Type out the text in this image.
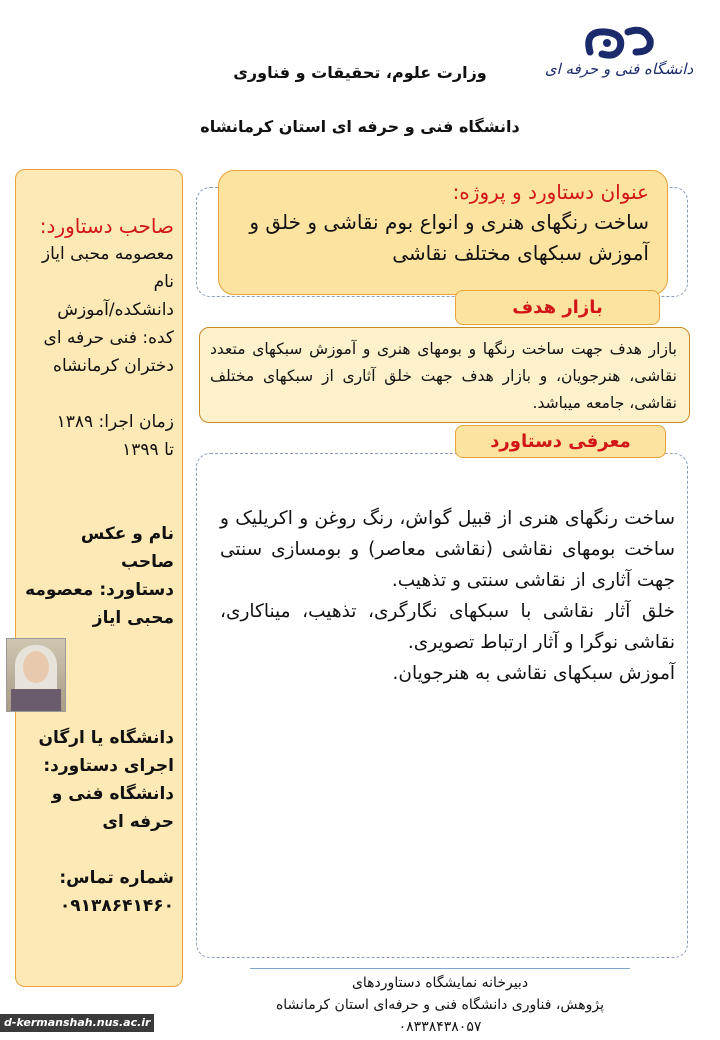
دانشگاه فنی و حرفه ای
وزارت علوم، تحقیقات و فناوری
دانشگاه فنی و حرفه ای استان کرمانشاه

صاحب دستاورد:

معصومه محبی ایاز

نام

دانشکده/آموزش

کده: فنی حرفه ای

دختران کرمانشاه

زمان اجرا: ۱۳۸۹

تا ۱۳۹۹

نام و عکس صاحب

دستاورد: معصومه

محبی ایاز

دانشگاه یا ارگان

اجرای دستاورد:

دانشگاه فنی و

حرفه ای

شماره تماس:

۰۹۱۳۸۶۴۱۴۶۰

عنوان دستاورد و پروژه:
ساخت رنگهای هنری و انواع بوم نقاشی و خلق و آموزش سبکهای مختلف نقاشی
بازار هدف
بازار هدف جهت ساخت رنگها و بومهای هنری و آموزش سبکهای متعدد نقاشی، هنرجویان، و بازار هدف جهت خلق آثاری از سبکهای مختلف نقاشی، جامعه میباشد.
معرفی دستاورد

ساخت رنگهای هنری از قبیل گواش، رنگ روغن و اکریلیک و ساخت بومهای نقاشی (نقاشی معاصر) و بومسازی سنتی جهت آثاری از نقاشی سنتی و تذهیب.

خلق آثار نقاشی با سبکهای نگارگری، تذهیب، میناکاری، نقاشی نوگرا و آثار ارتباط تصویری.

آموزش سبکهای نقاشی به هنرجویان.

دبیرخانه نمایشگاه دستاوردهای
پژوهش، فناوری دانشگاه فنی و حرفه‌ای استان کرمانشاه
۰۸۳۳۸۴۳۸۰۵۷
d-kermanshah.nus.ac.ir
